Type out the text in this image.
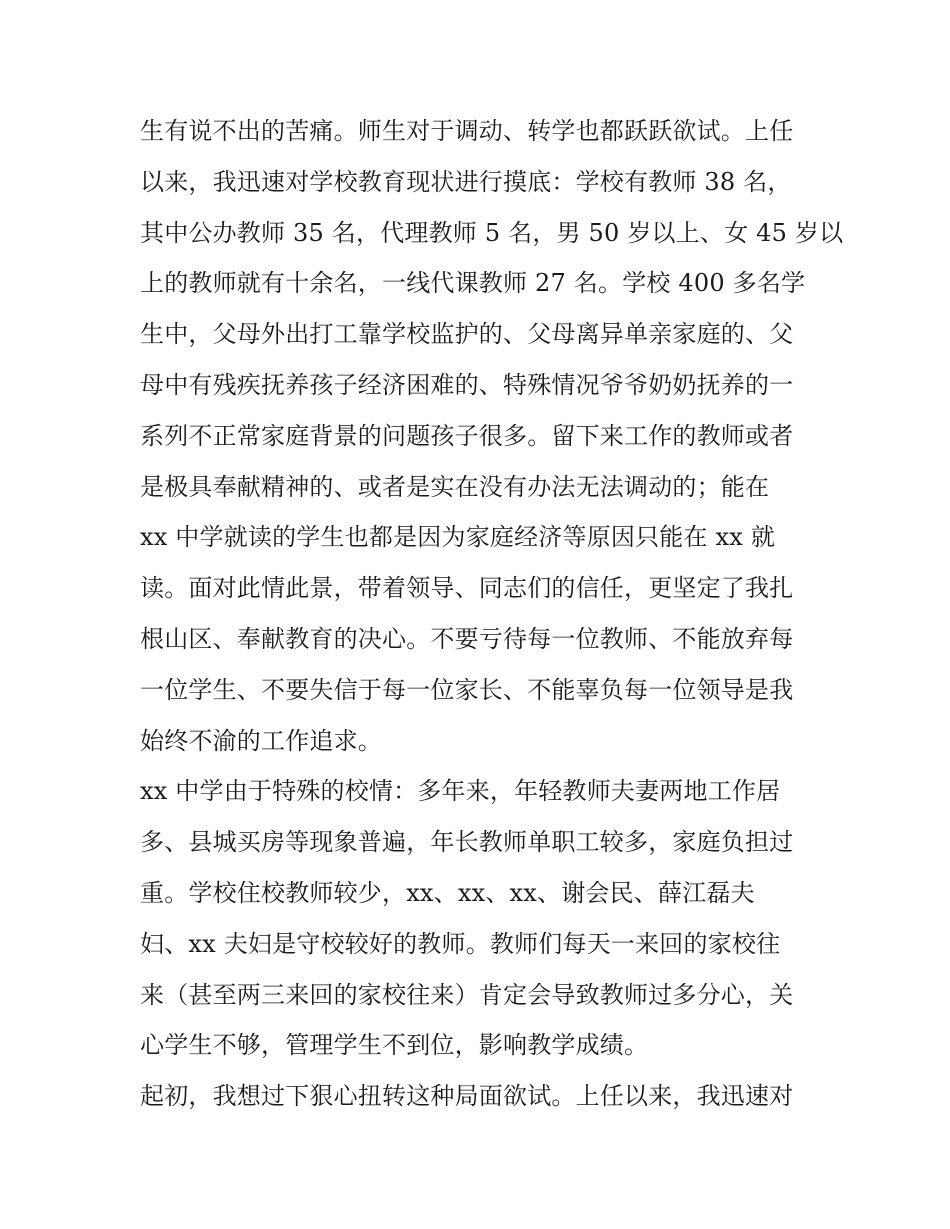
生有说不出的苦痛。师生对于调动、转学也都跃跃欲试。上任
以来，我迅速对学校教育现状进行摸底：学校有教师 38 名，
其中公办教师 35 名，代理教师 5 名，男 50 岁以上、女 45 岁以
上的教师就有十余名，一线代课教师 27 名。学校 400 多名学
生中，父母外出打工靠学校监护的、父母离异单亲家庭的、父
母中有残疾抚养孩子经济困难的、特殊情况爷爷奶奶抚养的一
系列不正常家庭背景的问题孩子很多。留下来工作的教师或者
是极具奉献精神的、或者是实在没有办法无法调动的；能在
xx 中学就读的学生也都是因为家庭经济等原因只能在 xx 就
读。面对此情此景，带着领导、同志们的信任，更坚定了我扎
根山区、奉献教育的决心。不要亏待每一位教师、不能放弃每
一位学生、不要失信于每一位家长、不能辜负每一位领导是我
始终不渝的工作追求。
xx 中学由于特殊的校情：多年来，年轻教师夫妻两地工作居
多、县城买房等现象普遍，年长教师单职工较多，家庭负担过
重。学校住校教师较少，xx、xx、xx、谢会民、薛江磊夫
妇、xx 夫妇是守校较好的教师。教师们每天一来回的家校往
来（甚至两三来回的家校往来）肯定会导致教师过多分心，关
心学生不够，管理学生不到位，影响教学成绩。
起初，我想过下狠心扭转这种局面欲试。上任以来，我迅速对
